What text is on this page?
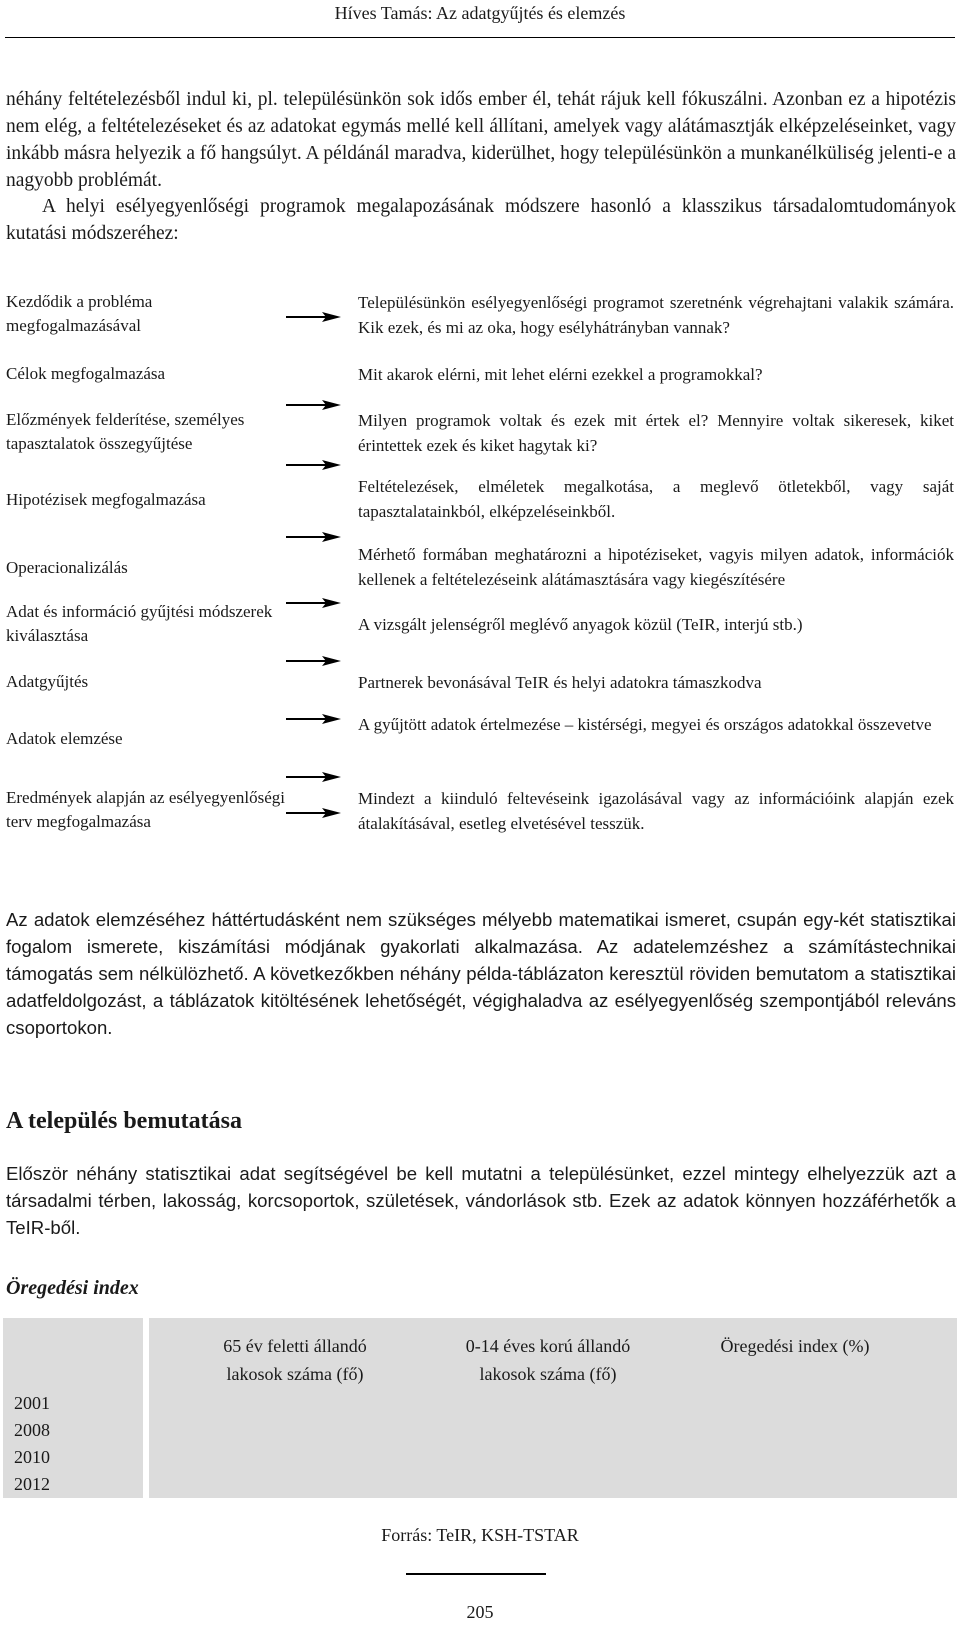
Híves Tamás: Az adatgyűjtés és elemzés
néhány feltételezésből indul ki, pl. településünkön sok idős ember él, tehát rájuk kell fókuszálni. Azonban ez a hipotézis nem elég, a feltételezéseket és az adatokat egymás mellé kell állítani, amelyek vagy alátámasztják elképzeléseinket, vagy inkább másra helyezik a fő hangsúlyt. A példánál maradva, kiderülhet, hogy településünkön a munkanélküliség jelenti-e a nagyobb problémát.
A helyi esélyegyenlőségi programok megalapozásának módszere hasonló a klasszikus társadalomtudományok kutatási módszeréhez:
Kezdődik a probléma megfogalmazásával
Településünkön esélyegyenlőségi programot szeretnénk végrehajtani valakik számára. Kik ezek, és mi az oka, hogy esélyhátrányban vannak?
Célok megfogalmazása	Mit akarok elérni, mit lehet elérni ezekkel a programokkal?
Előzmények felderítése, személyes tapasztalatok összegyűjtése
Milyen programok voltak és ezek mit értek el? Mennyire voltak sikeresek, kiket érintettek ezek és kiket hagytak ki?
Hipotézisek megfogalmazása
Feltételezések, elméletek megalkotása, a meglevő ötletekből, vagy saját tapasztalatainkból, elképzeléseinkből.
Operacionalizálás
Mérhető formában meghatározni a hipotéziseket, vagyis milyen adatok, információk kellenek a feltételezéseink alátámasztására vagy kiegészítésére
Adat és információ gyűjtési módszerek kiválasztása
A vizsgált jelenségről meglévő anyagok közül (TeIR, interjú stb.)
Adatgyűjtés	Partnerek bevonásával TeIR és helyi adatokra támaszkodva
Adatok elemzése
A gyűjtött adatok értelmezése – kistérségi, megyei és országos adatokkal összevetve
Eredmények alapján az esélyegyenlőségi terv megfogalmazása
Mindezt a kiinduló feltevéseink igazolásával vagy az információink alapján ezek átalakításával, esetleg elvetésével tesszük.
Az adatok elemzéséhez háttértudásként nem szükséges mélyebb matematikai ismeret, csupán egy-két statisztikai fogalom ismerete, kiszámítási módjának gyakorlati alkalmazása. Az adatelemzéshez a számítástechnikai támogatás sem nélkülözhető. A következőkben néhány példa-táblázaton keresztül röviden bemutatom a statisztikai adatfeldolgozást, a táblázatok kitöltésének lehetőségét, végighaladva az esélyegyenlőség szempontjából releváns csoportokon.
A település bemutatása
Először néhány statisztikai adat segítségével be kell mutatni a településünket, ezzel mintegy elhelyezzük azt a társadalmi térben, lakosság, korcsoportok, születések, vándorlások stb. Ezek az adatok könnyen hozzáférhetők a TeIR-ből.
Öregedési index
65 év feletti állandó lakosok száma (fő)
0-14 éves korú állandó lakosok száma (fő)
Öregedési index (%)
2001
2008
2010
2012
Forrás: TeIR, KSH-TSTAR
205
